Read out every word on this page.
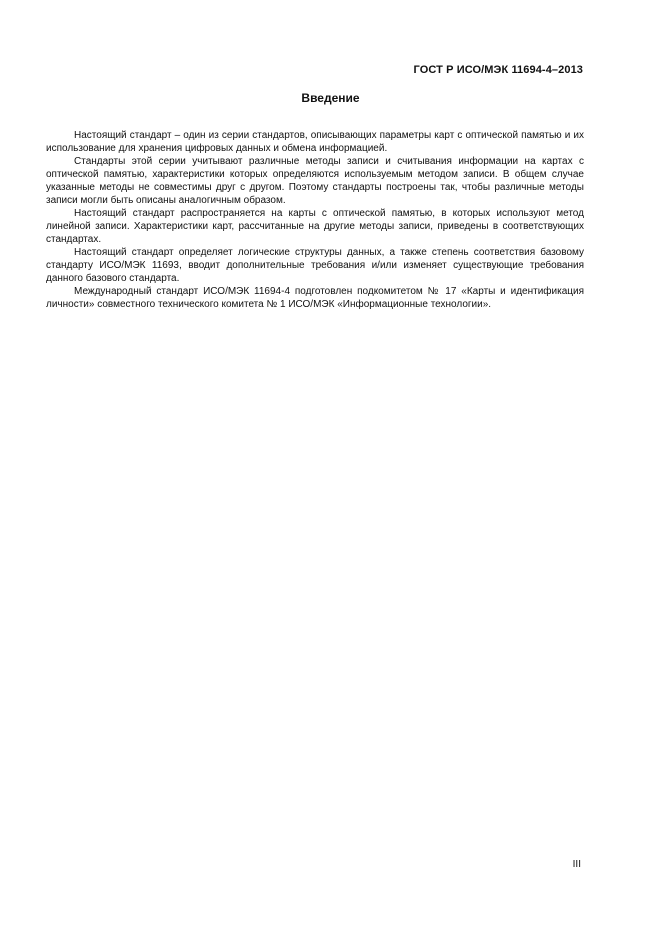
ГОСТ Р ИСО/МЭК 11694-4–2013
Введение

Настоящий стандарт – один из серии стандартов, описывающих параметры карт с оптической памятью и их использование для хранения цифровых данных и обмена информацией.

Стандарты этой серии учитывают различные методы записи и считывания информации на картах с оптической памятью, характеристики которых определяются используемым методом записи. В общем случае указанные методы не совместимы друг с другом. Поэтому стандарты построены так, чтобы различные методы записи могли быть описаны аналогичным образом.

Настоящий стандарт распространяется на карты с оптической памятью, в которых используют метод линейной записи. Характеристики карт, рассчитанные на другие методы записи, приведены в соответствующих стандартах.

Настоящий стандарт определяет логические структуры данных, а также степень соответствия базовому стандарту ИСО/МЭК 11693, вводит дополнительные требования и/или изменяет существующие требования данного базового стандарта.

Международный стандарт ИСО/МЭК 11694-4 подготовлен подкомитетом № 17 «Карты и идентификация личности» совместного технического комитета № 1 ИСО/МЭК «Информационные технологии».

III
